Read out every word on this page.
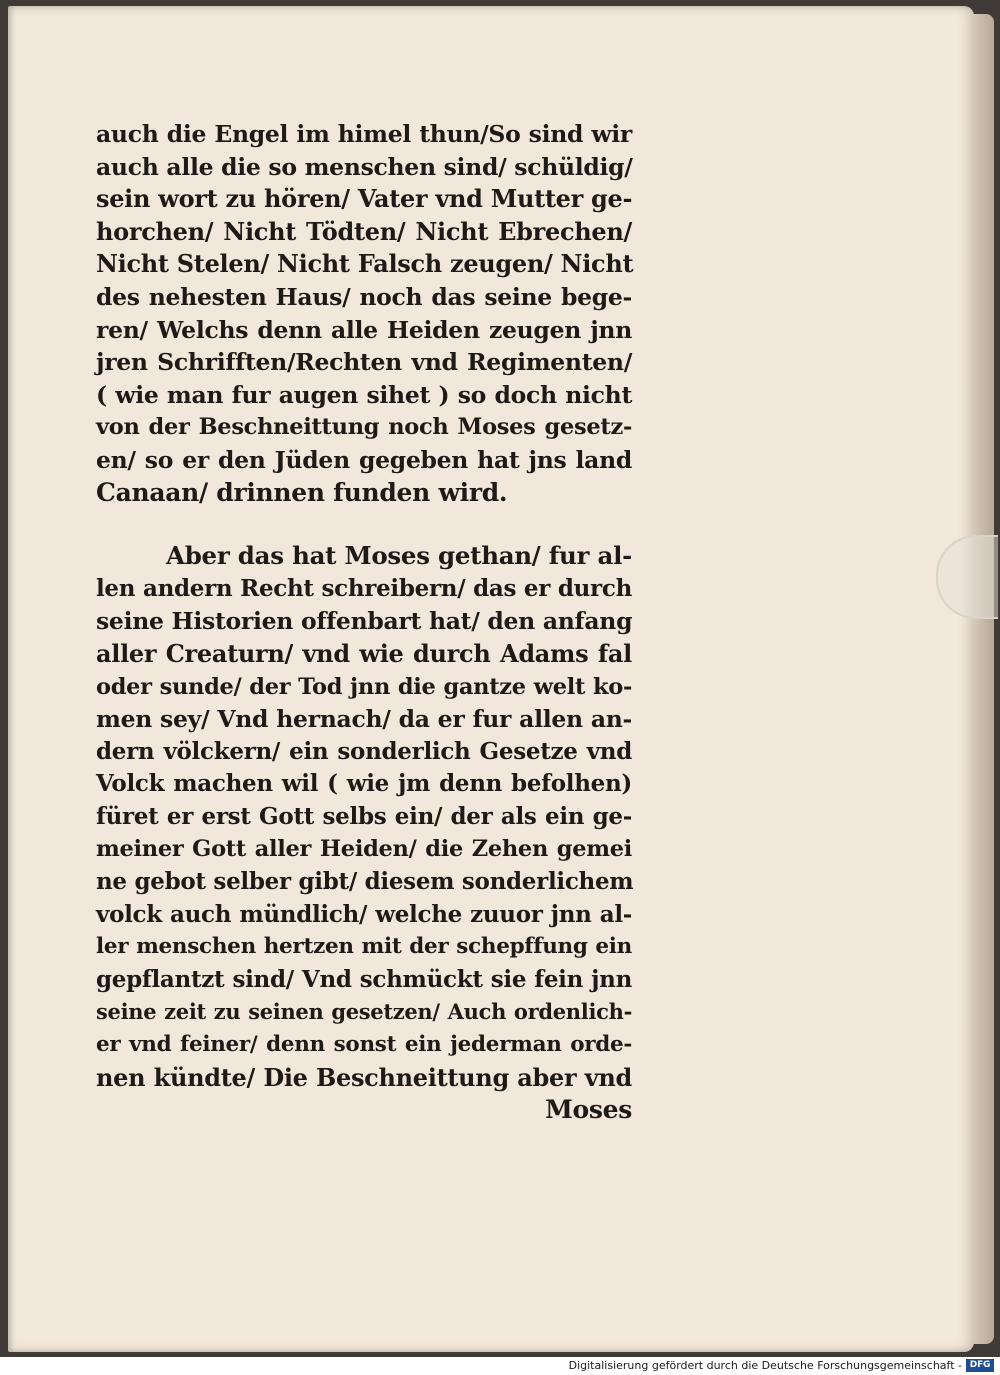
auch die Engel im himel thun/So sind wir
auch alle die so menschen sind/ schüldig/
sein wort zu hören/ Vater vnd Mutter ge-
horchen/ Nicht Tödten/ Nicht Ebrechen/
Nicht Stelen/ Nicht Falsch zeugen/ Nicht
des nehesten Haus/ noch das seine bege-
ren/ Welchs denn alle Heiden zeugen jnn
jren Schrifften/Rechten vnd Regimenten/
( wie man fur augen sihet ) so doch nicht
von der Beschneittung noch Moses gesetz-
en/ so er den Jüden gegeben hat jns land
Canaan/ drinnen funden wird.
Aber das hat Moses gethan/ fur al-
len andern Recht schreibern/ das er durch
seine Historien offenbart hat/ den anfang
aller Creaturn/ vnd wie durch Adams fal
oder sunde/ der Tod jnn die gantze welt ko-
men sey/ Vnd hernach/ da er fur allen an-
dern völckern/ ein sonderlich Gesetze vnd
Volck machen wil ( wie jm denn befolhen)
füret er erst Gott selbs ein/ der als ein ge-
meiner Gott aller Heiden/ die Zehen gemei
ne gebot selber gibt/ diesem sonderlichem
volck auch mündlich/ welche zuuor jnn al-
ler menschen hertzen mit der schepffung ein
gepflantzt sind/ Vnd schmückt sie fein jnn
seine zeit zu seinen gesetzen/ Auch ordenlich-
er vnd feiner/ denn sonst ein jederman orde-
nen kündte/ Die Beschneittung aber vnd
Moses
Digitalisierung gefördert durch die Deutsche Forschungsgemeinschaft - DFG
